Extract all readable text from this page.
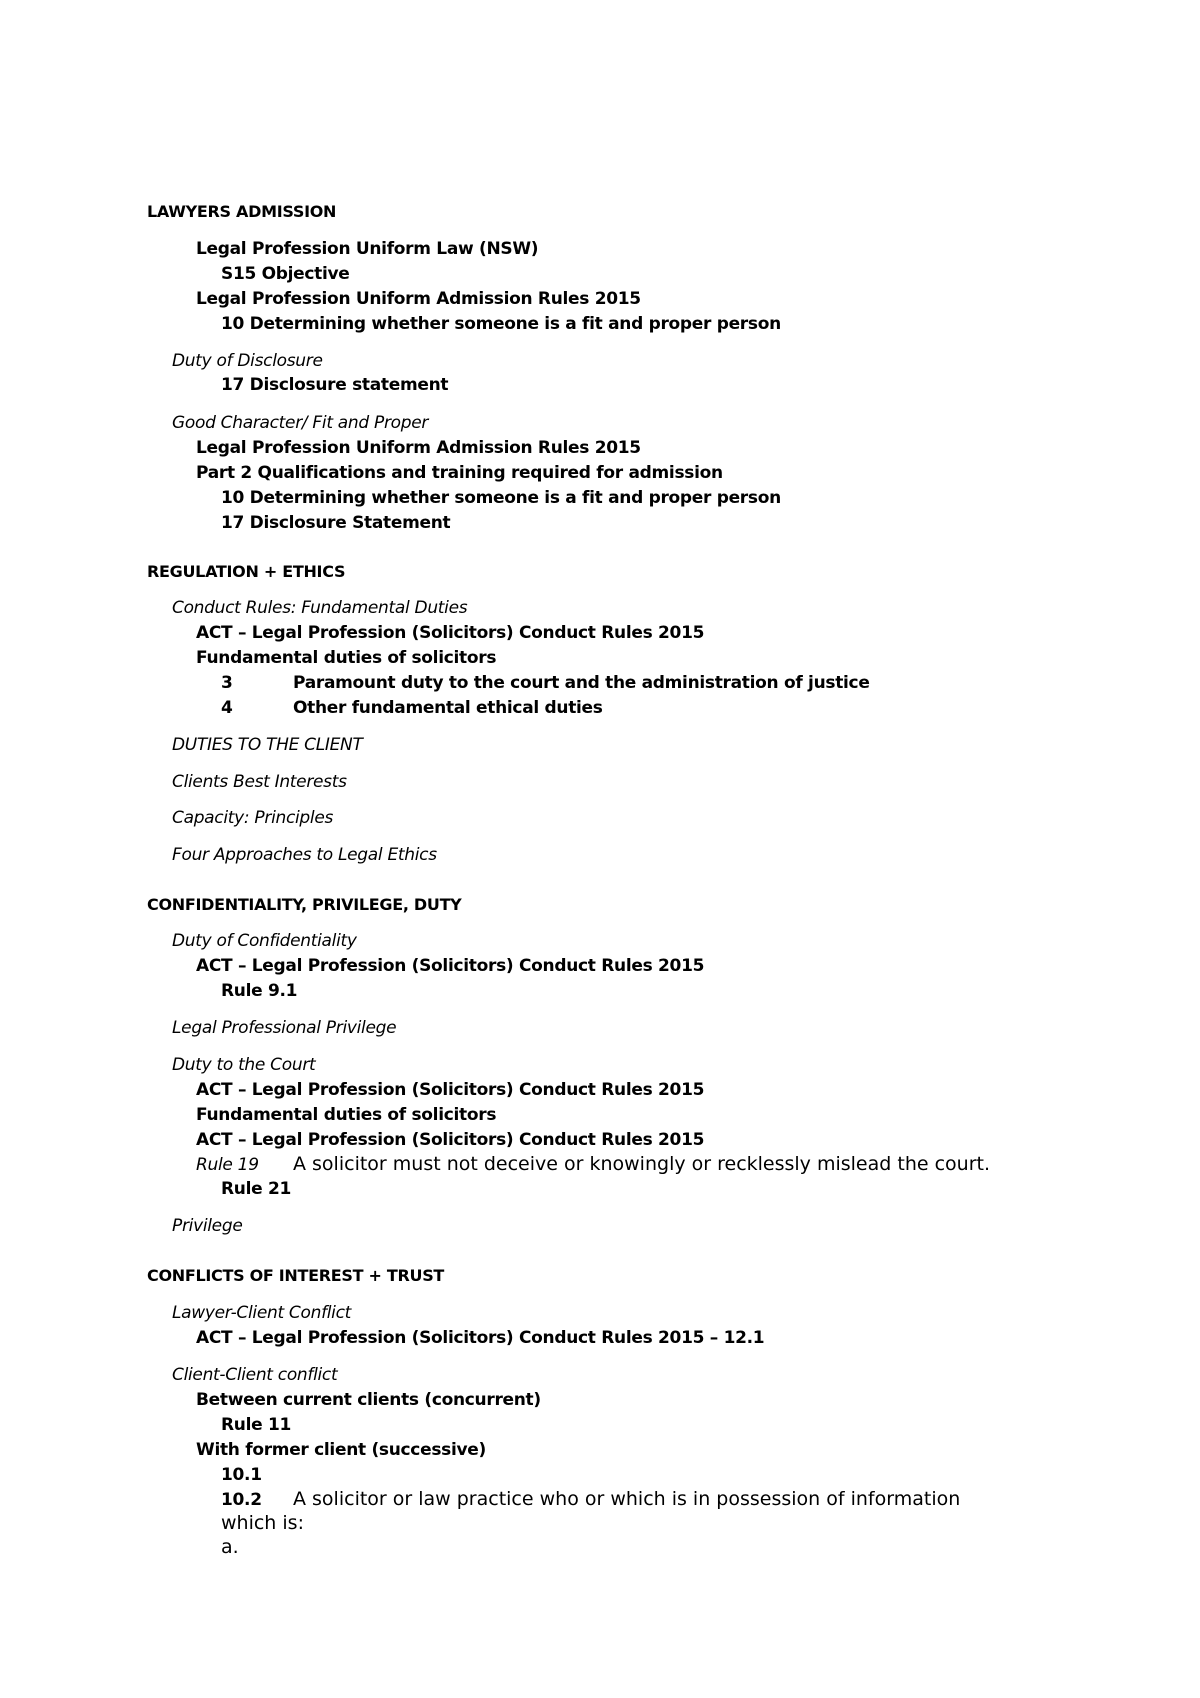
LAWYERS ADMISSION
Legal Profession Uniform Law (NSW)
S15 Objective
Legal Profession Uniform Admission Rules 2015
10 Determining whether someone is a fit and proper person
Duty of Disclosure
17 Disclosure statement
Good Character/ Fit and Proper
Legal Profession Uniform Admission Rules 2015
Part 2 Qualifications and training required for admission
10 Determining whether someone is a fit and proper person
17 Disclosure Statement
REGULATION + ETHICS
Conduct Rules: Fundamental Duties
ACT – Legal Profession (Solicitors) Conduct Rules 2015
Fundamental duties of solicitors
3	Paramount duty to the court and the administration of justice
4	Other fundamental ethical duties
DUTIES TO THE CLIENT
Clients Best Interests
Capacity: Principles
Four Approaches to Legal Ethics
CONFIDENTIALITY, PRIVILEGE, DUTY
Duty of Confidentiality
ACT – Legal Profession (Solicitors) Conduct Rules 2015
Rule 9.1
Legal Professional Privilege
Duty to the Court
ACT – Legal Profession (Solicitors) Conduct Rules 2015
Fundamental duties of solicitors
ACT – Legal Profession (Solicitors) Conduct Rules 2015
Rule 19 A solicitor must not deceive or knowingly or recklessly mislead the court.
Rule 21
Privilege
CONFLICTS OF INTEREST + TRUST
Lawyer-Client Conflict
ACT – Legal Profession (Solicitors) Conduct Rules 2015 – 12.1
Client-Client conflict
Between current clients (concurrent)
Rule 11
With former client (successive)
10.1
10.2 A solicitor or law practice who or which is in possession of information
which is:
a.
